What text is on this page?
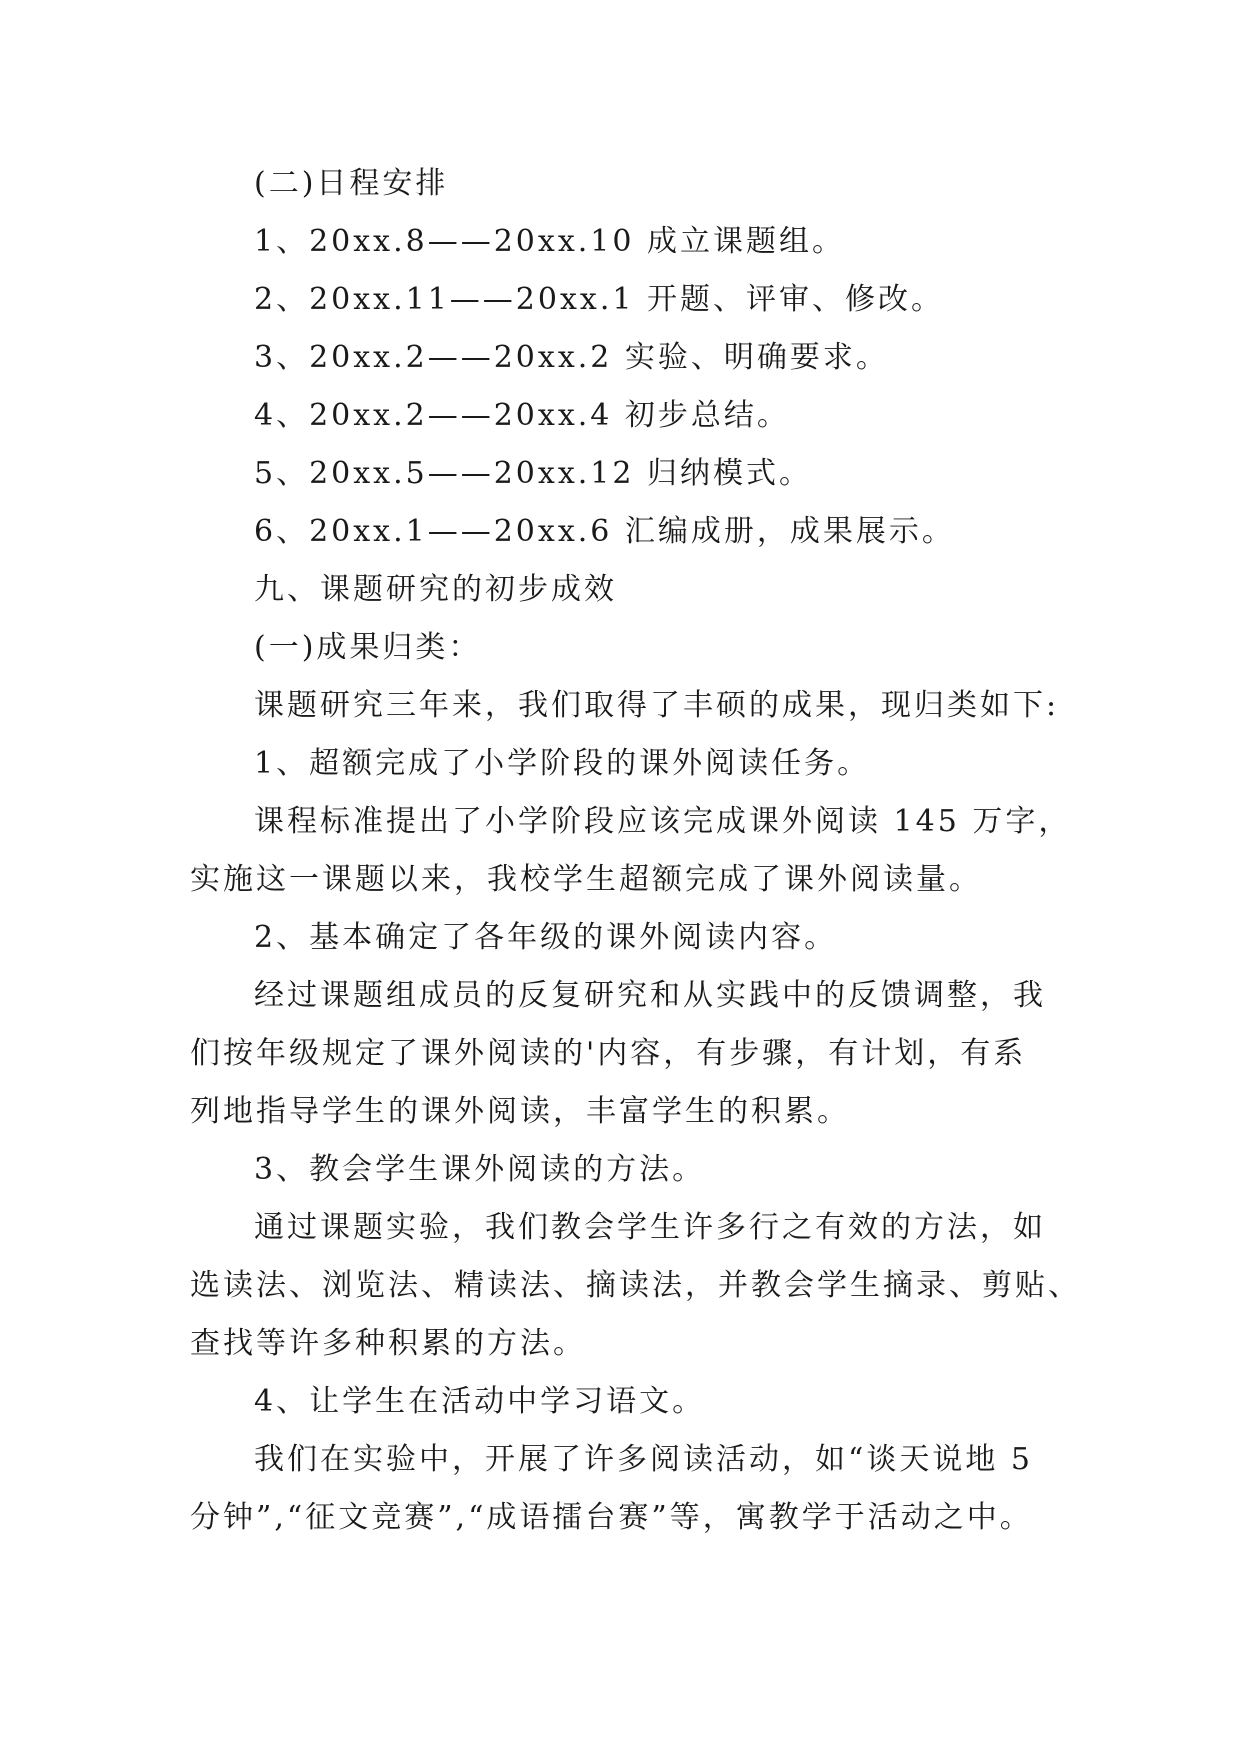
(二)日程安排
1、20xx.8——20xx.10 成立课题组。
2、20xx.11——20xx.1 开题、评审、修改。
3、20xx.2——20xx.2 实验、明确要求。
4、20xx.2——20xx.4 初步总结。
5、20xx.5——20xx.12 归纳模式。
6、20xx.1——20xx.6 汇编成册，成果展示。
九、课题研究的初步成效
(一)成果归类：
课题研究三年来，我们取得了丰硕的成果，现归类如下:
1、超额完成了小学阶段的课外阅读任务。
课程标准提出了小学阶段应该完成课外阅读 145 万字，
实施这一课题以来，我校学生超额完成了课外阅读量。
2、基本确定了各年级的课外阅读内容。
经过课题组成员的反复研究和从实践中的反馈调整，我
们按年级规定了课外阅读的'内容，有步骤，有计划，有系
列地指导学生的课外阅读，丰富学生的积累。
3、教会学生课外阅读的方法。
通过课题实验，我们教会学生许多行之有效的方法，如
选读法、浏览法、精读法、摘读法，并教会学生摘录、剪贴、
查找等许多种积累的方法。
4、让学生在活动中学习语文。
我们在实验中，开展了许多阅读活动，如“谈天说地 5
分钟”,“征文竞赛”,“成语擂台赛”等，寓教学于活动之中。
